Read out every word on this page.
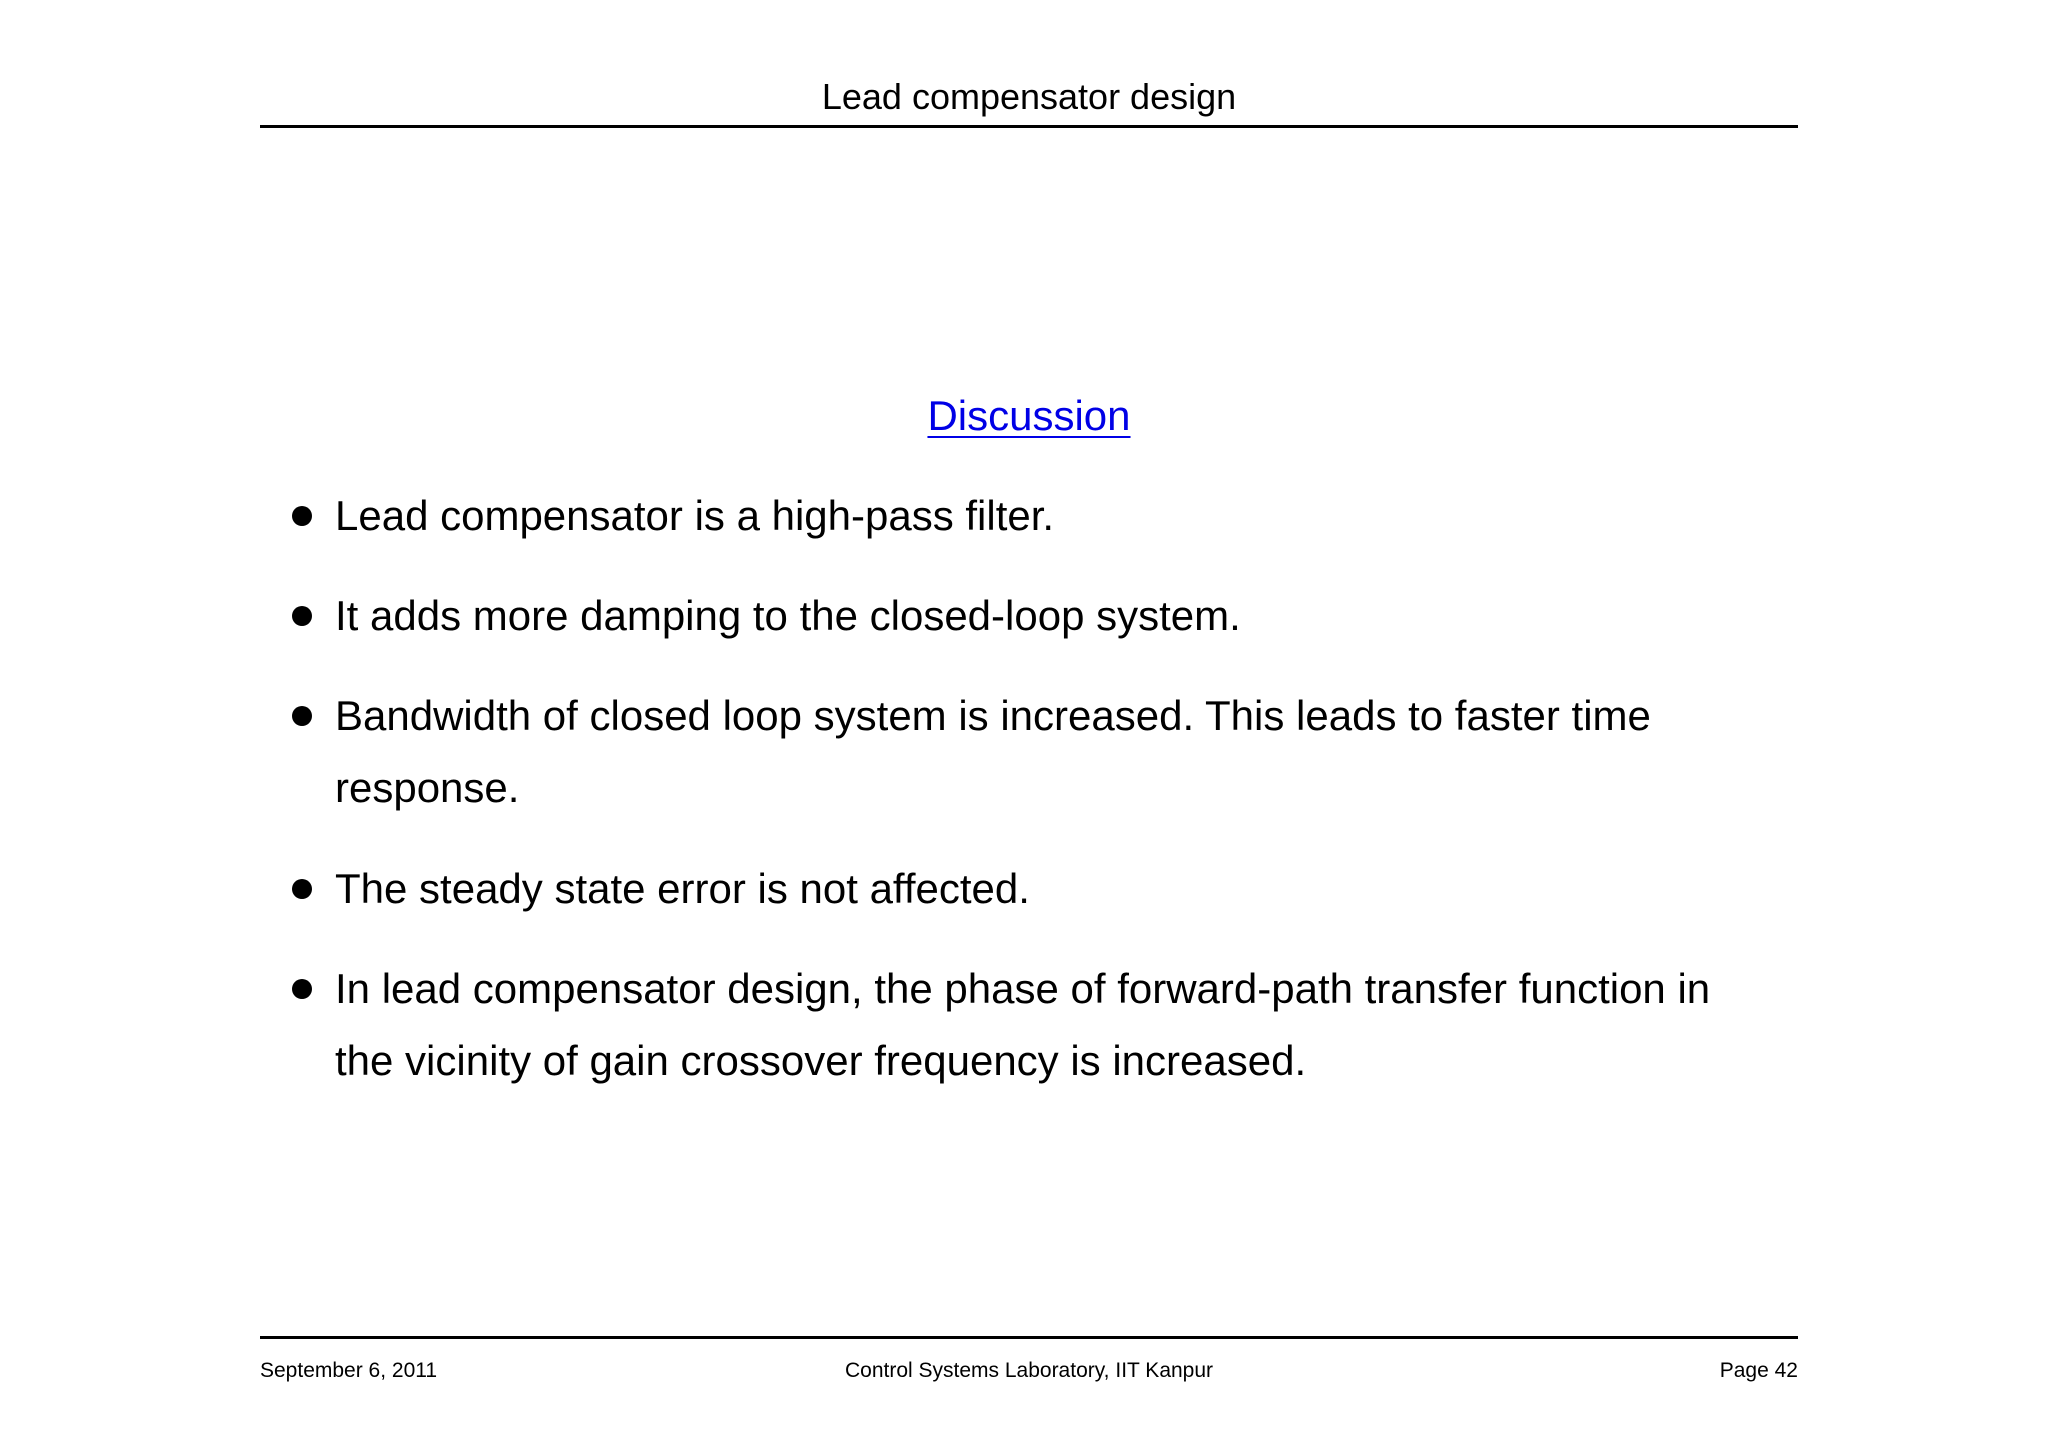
Lead compensator design
Discussion
Lead compensator is a high-pass filter.
It adds more damping to the closed-loop system.
Bandwidth of closed loop system is increased. This leads to faster time response.
The steady state error is not affected.
In lead compensator design, the phase of forward-path transfer function in the vicinity of gain crossover frequency is increased.
Control Systems Laboratory, IIT Kanpur
September 6, 2011	Page 42
